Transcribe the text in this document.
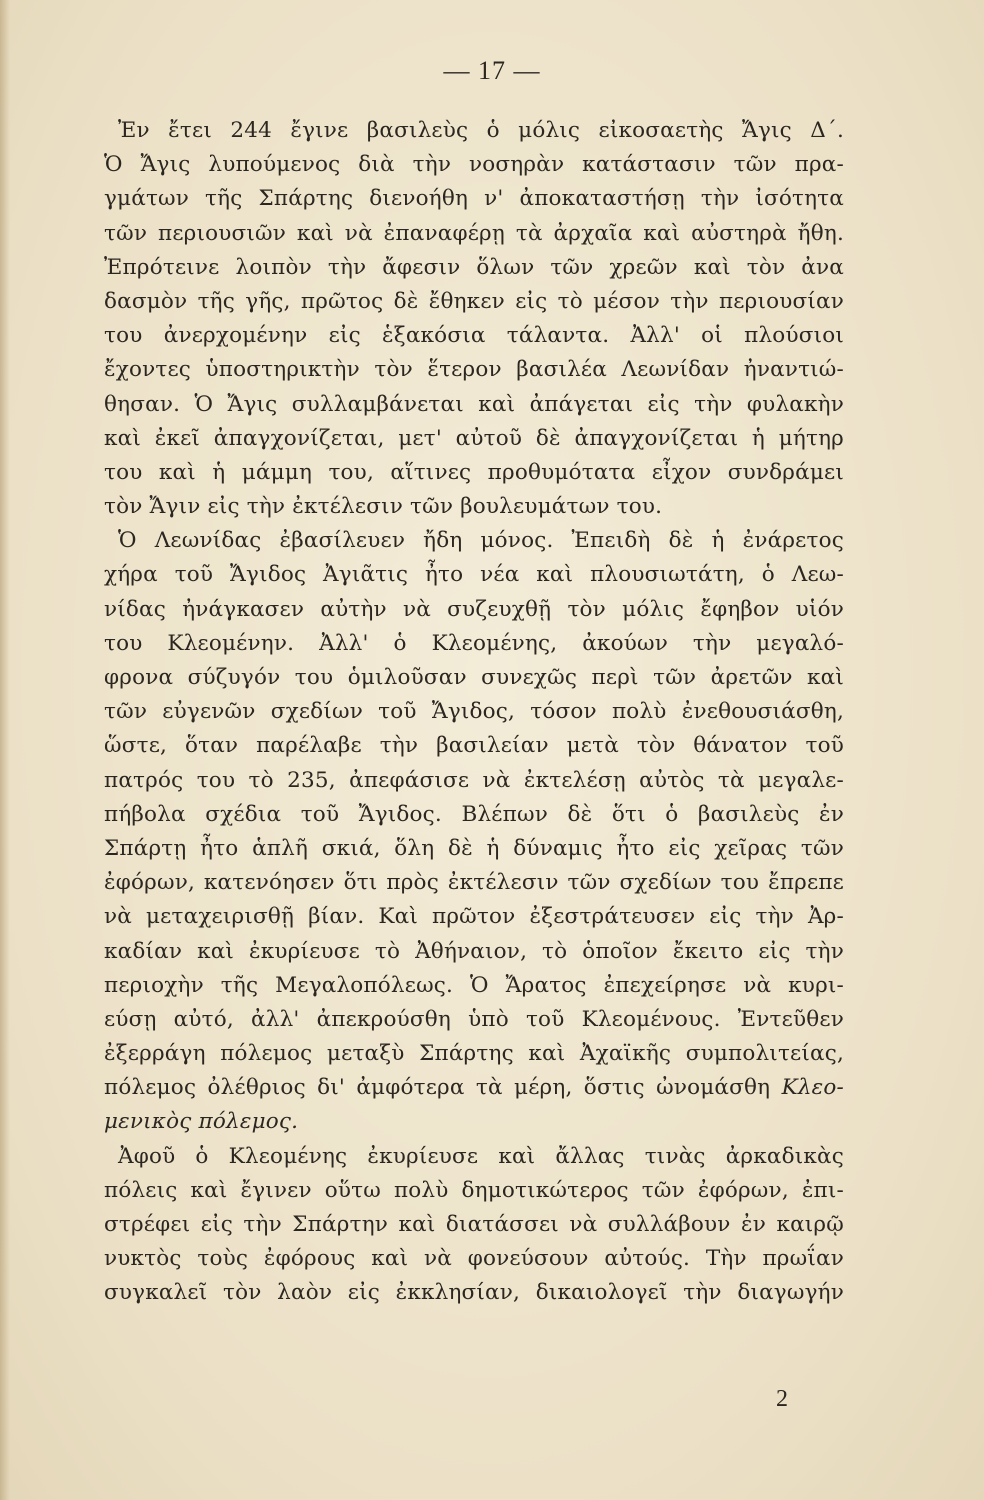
— 17 —
Ἐν ἔτει 244 ἔγινε βασιλεὺς ὁ μόλις εἰκοσαετὴς Ἄγις Δ΄.
Ὁ Ἄγις λυπούμενος διὰ τὴν νοσηρὰν κατάστασιν τῶν πρα-
γμάτων τῆς Σπάρτης διενοήθη ν' ἀποκαταστήσῃ τὴν ἰσότητα
τῶν περιουσιῶν καὶ νὰ ἐπαναφέρῃ τὰ ἀρχαῖα καὶ αὐστηρὰ ἤθη.
Ἐπρότεινε λοιπὸν τὴν ἄφεσιν ὅλων τῶν χρεῶν καὶ τὸν ἀνα
δασμὸν τῆς γῆς, πρῶτος δὲ ἔθηκεν εἰς τὸ μέσον τὴν περιουσίαν
του ἀνερχομένην εἰς ἑξακόσια τάλαντα. Ἀλλ' οἱ πλούσιοι
ἔχοντες ὑποστηρικτὴν τὸν ἕτερον βασιλέα Λεωνίδαν ἠναντιώ-
θησαν. Ὁ Ἄγις συλλαμβάνεται καὶ ἀπάγεται εἰς τὴν φυλακὴν
καὶ ἐκεῖ ἀπαγχονίζεται, μετ' αὐτοῦ δὲ ἀπαγχονίζεται ἡ μήτηρ
του καὶ ἡ μάμμη του, αἵτινες προθυμότατα εἶχον συνδράμει
τὸν Ἄγιν εἰς τὴν ἐκτέλεσιν τῶν βουλευμάτων του.
Ὁ Λεωνίδας ἐβασίλευεν ἤδη μόνος. Ἐπειδὴ δὲ ἡ ἐνάρετος
χήρα τοῦ Ἄγιδος Ἀγιᾶτις ἦτο νέα καὶ πλουσιωτάτη, ὁ Λεω-
νίδας ἠνάγκασεν αὐτὴν νὰ συζευχθῇ τὸν μόλις ἔφηβον υἱόν
του Κλεομένην. Ἀλλ' ὁ Κλεομένης, ἀκούων τὴν μεγαλό-
φρονα σύζυγόν του ὁμιλοῦσαν συνεχῶς περὶ τῶν ἀρετῶν καὶ
τῶν εὐγενῶν σχεδίων τοῦ Ἄγιδος, τόσον πολὺ ἐνεθουσιάσθη,
ὥστε, ὅταν παρέλαβε τὴν βασιλείαν μετὰ τὸν θάνατον τοῦ
πατρός του τὸ 235, ἀπεφάσισε νὰ ἐκτελέσῃ αὐτὸς τὰ μεγαλε-
πήβολα σχέδια τοῦ Ἄγιδος. Βλέπων δὲ ὅτι ὁ βασιλεὺς ἐν
Σπάρτῃ ἦτο ἁπλῆ σκιά, ὅλη δὲ ἡ δύναμις ἦτο εἰς χεῖρας τῶν
ἐφόρων, κατενόησεν ὅτι πρὸς ἐκτέλεσιν τῶν σχεδίων του ἔπρεπε
νὰ μεταχειρισθῇ βίαν. Καὶ πρῶτον ἐξεστράτευσεν εἰς τὴν Ἀρ-
καδίαν καὶ ἐκυρίευσε τὸ Ἀθήναιον, τὸ ὁποῖον ἔκειτο εἰς τὴν
περιοχὴν τῆς Μεγαλοπόλεως. Ὁ Ἄρατος ἐπεχείρησε νὰ κυρι-
εύσῃ αὐτό, ἀλλ' ἀπεκρούσθη ὑπὸ τοῦ Κλεομένους. Ἐντεῦθεν
ἐξερράγη πόλεμος μεταξὺ Σπάρτης καὶ Ἀχαϊκῆς συμπολιτείας,
πόλεμος ὀλέθριος δι' ἀμφότερα τὰ μέρη, ὅστις ὠνομάσθη Κλεο-
μενικὸς πόλεμος.
Ἀφοῦ ὁ Κλεομένης ἐκυρίευσε καὶ ἄλλας τινὰς ἀρκαδικὰς
πόλεις καὶ ἔγινεν οὕτω πολὺ δημοτικώτερος τῶν ἐφόρων, ἐπι-
στρέφει εἰς τὴν Σπάρτην καὶ διατάσσει νὰ συλλάβουν ἐν καιρῷ
νυκτὸς τοὺς ἐφόρους καὶ νὰ φονεύσουν αὐτούς. Τὴν πρωΐαν
συγκαλεῖ τὸν λαὸν εἰς ἐκκλησίαν, δικαιολογεῖ τὴν διαγωγήν
2
